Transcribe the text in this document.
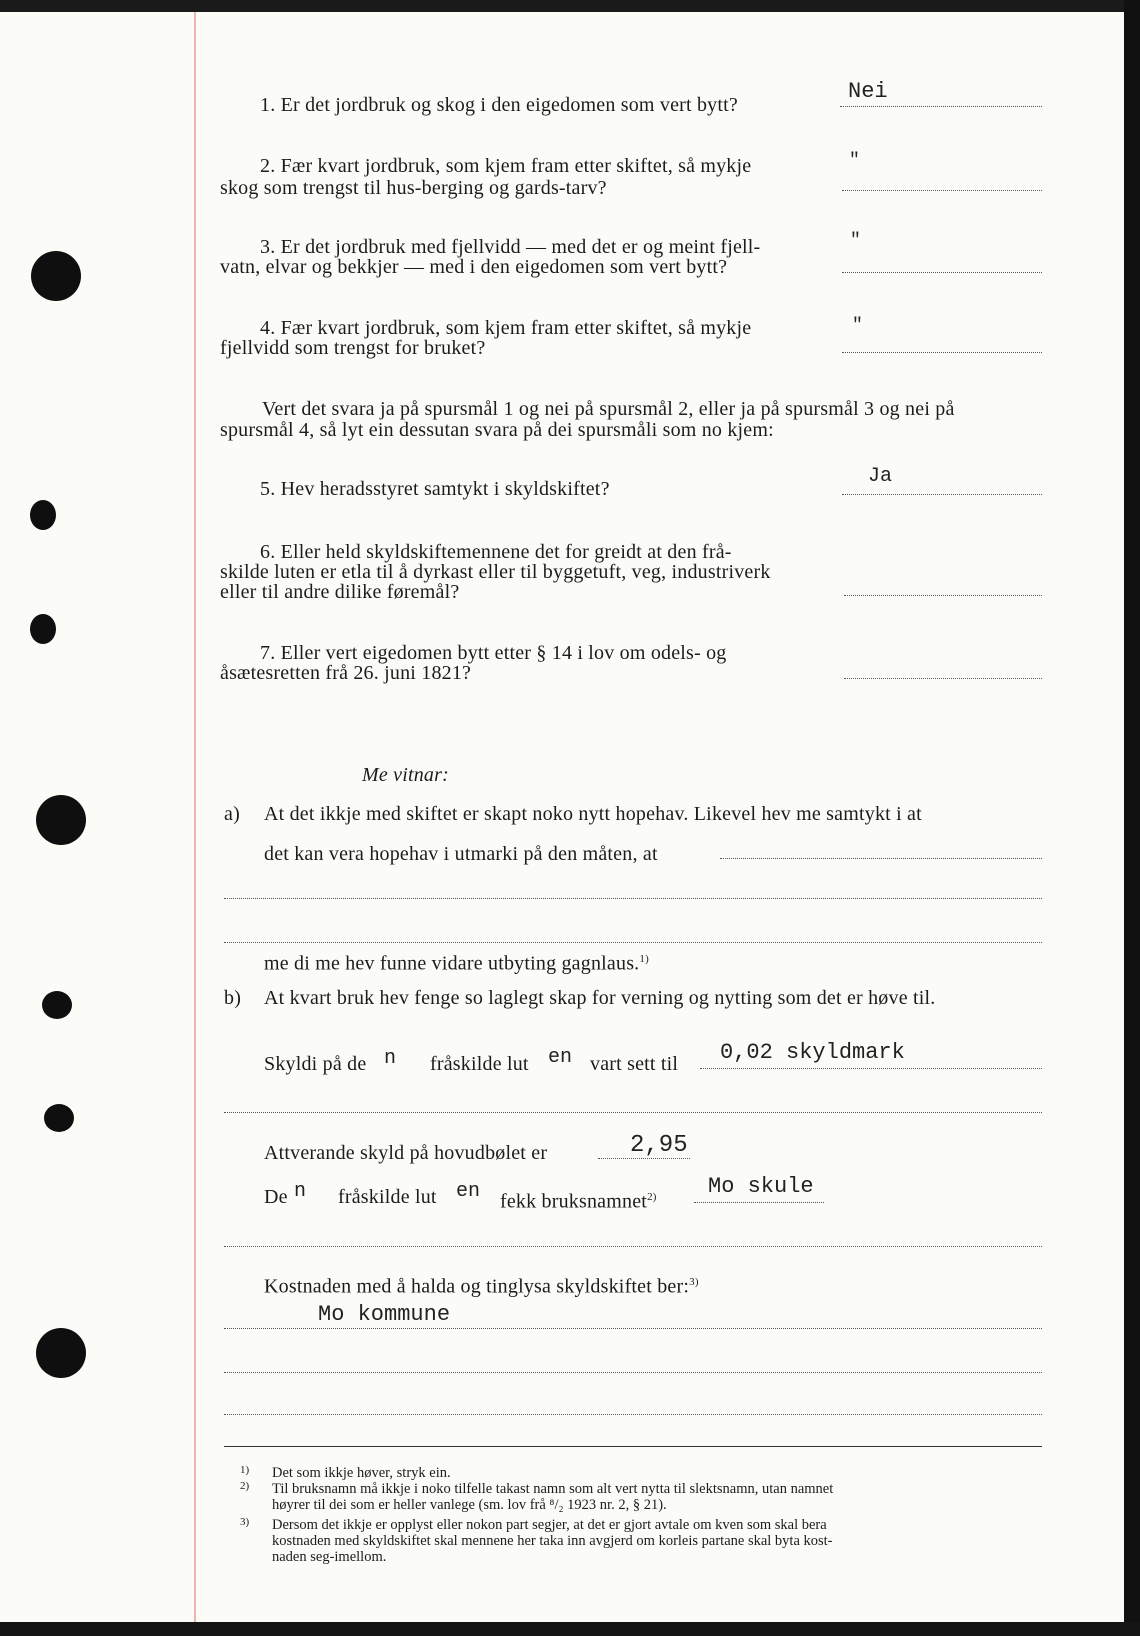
1. Er det jordbruk og skog i den eigedomen som vert bytt?
Nei
2. Fær kvart jordbruk, som kjem fram etter skiftet, så mykje
skog som trengst til hus‑berging og gards‑tarv?
"
3. Er det jordbruk med fjellvidd — med det er og meint fjell‑
vatn, elvar og bekkjer — med i den eigedomen som vert bytt?
"
4. Fær kvart jordbruk, som kjem fram etter skiftet, så mykje
fjellvidd som trengst for bruket?
"
Vert det svara ja på spursmål 1 og nei på spursmål 2, eller ja på spursmål 3 og nei på
spursmål 4, så lyt ein dessutan svara på dei spursmåli som no kjem:
5. Hev heradsstyret samtykt i skyldskiftet?
Ja
6. Eller held skyldskiftemennene det for greidt at den frå‑
skilde luten er etla til å dyrkast eller til byggetuft, veg, industriverk
eller til andre dilike føremål?
7. Eller vert eigedomen bytt etter § 14 i lov om odels‑ og
åsætesretten frå 26. juni 1821?
Me vitnar:
a) At det ikkje med skiftet er skapt noko nytt hopehav. Likevel hev me samtykt i at
det kan vera hopehav i utmarki på den måten, at
me di me hev funne vidare utbyting gagnlaus.$^{1)}$
b) At kvart bruk hev fenge so laglegt skap for verning og nytting som det er høve til.
Skyldi på de n fråskilde lut en vart sett til 0,02 skyldmark
Attverande skyld på hovudbølet er	2,95
De n fråskilde lut en fekk bruksnamnet$^{2)}$ Mo skule
Kostnaden med å halda og tinglysa skyldskiftet ber:$^{3)}$
Mo kommune
1) Det som ikkje høver, stryk ein.
2) Til bruksnamn må ikkje i noko tilfelle takast namn som alt vert nytta til slektsnamn, utan namnet
høyrer til dei som er heller vanlege (sm. lov frå ⁸/₂ 1923 nr. 2, § 21).
3) Dersom det ikkje er opplyst eller nokon part segjer, at det er gjort avtale om kven som skal bera
kostnaden med skyldskiftet skal mennene her taka inn avgjerd om korleis partane skal byta kost‑
naden seg‑imellom.
